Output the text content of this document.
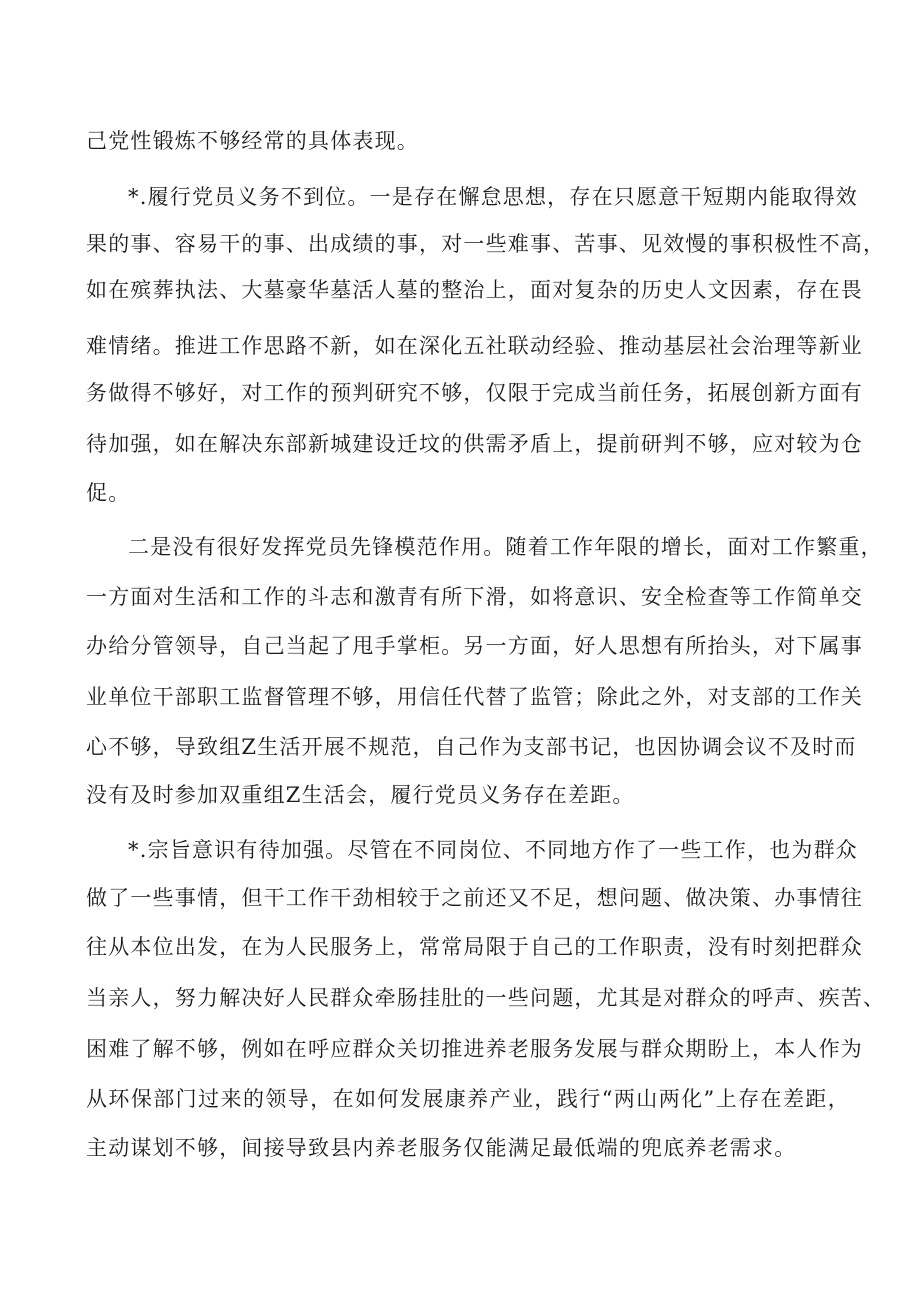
己党性锻炼不够经常的具体表现。
*.履行党员义务不到位。一是存在懈怠思想，存在只愿意干短期内能取得效
果的事、容易干的事、出成绩的事，对一些难事、苦事、见效慢的事积极性不高，
如在殡葬执法、大墓豪华墓活人墓的整治上，面对复杂的历史人文因素，存在畏
难情绪。推进工作思路不新，如在深化五社联动经验、推动基层社会治理等新业
务做得不够好，对工作的预判研究不够，仅限于完成当前任务，拓展创新方面有
待加强，如在解决东部新城建设迁坟的供需矛盾上，提前研判不够，应对较为仓
促。
二是没有很好发挥党员先锋模范作用。随着工作年限的增长，面对工作繁重，
一方面对生活和工作的斗志和激青有所下滑，如将意识、安全检查等工作简单交
办给分管领导，自己当起了甩手掌柜。另一方面，好人思想有所抬头，对下属事
业单位干部职工监督管理不够，用信任代替了监管；除此之外，对支部的工作关
心不够，导致组Z生活开展不规范，自己作为支部书记，也因协调会议不及时而
没有及时参加双重组Z生活会，履行党员义务存在差距。
*.宗旨意识有待加强。尽管在不同岗位、不同地方作了一些工作，也为群众
做了一些事情，但干工作干劲相较于之前还又不足，想问题、做决策、办事情往
往从本位出发，在为人民服务上，常常局限于自己的工作职责，没有时刻把群众
当亲人，努力解决好人民群众牵肠挂肚的一些问题，尤其是对群众的呼声、疾苦、
困难了解不够，例如在呼应群众关切推进养老服务发展与群众期盼上，本人作为
从环保部门过来的领导，在如何发展康养产业，践行“两山两化”上存在差距，
主动谋划不够，间接导致县内养老服务仅能满足最低端的兜底养老需求。
